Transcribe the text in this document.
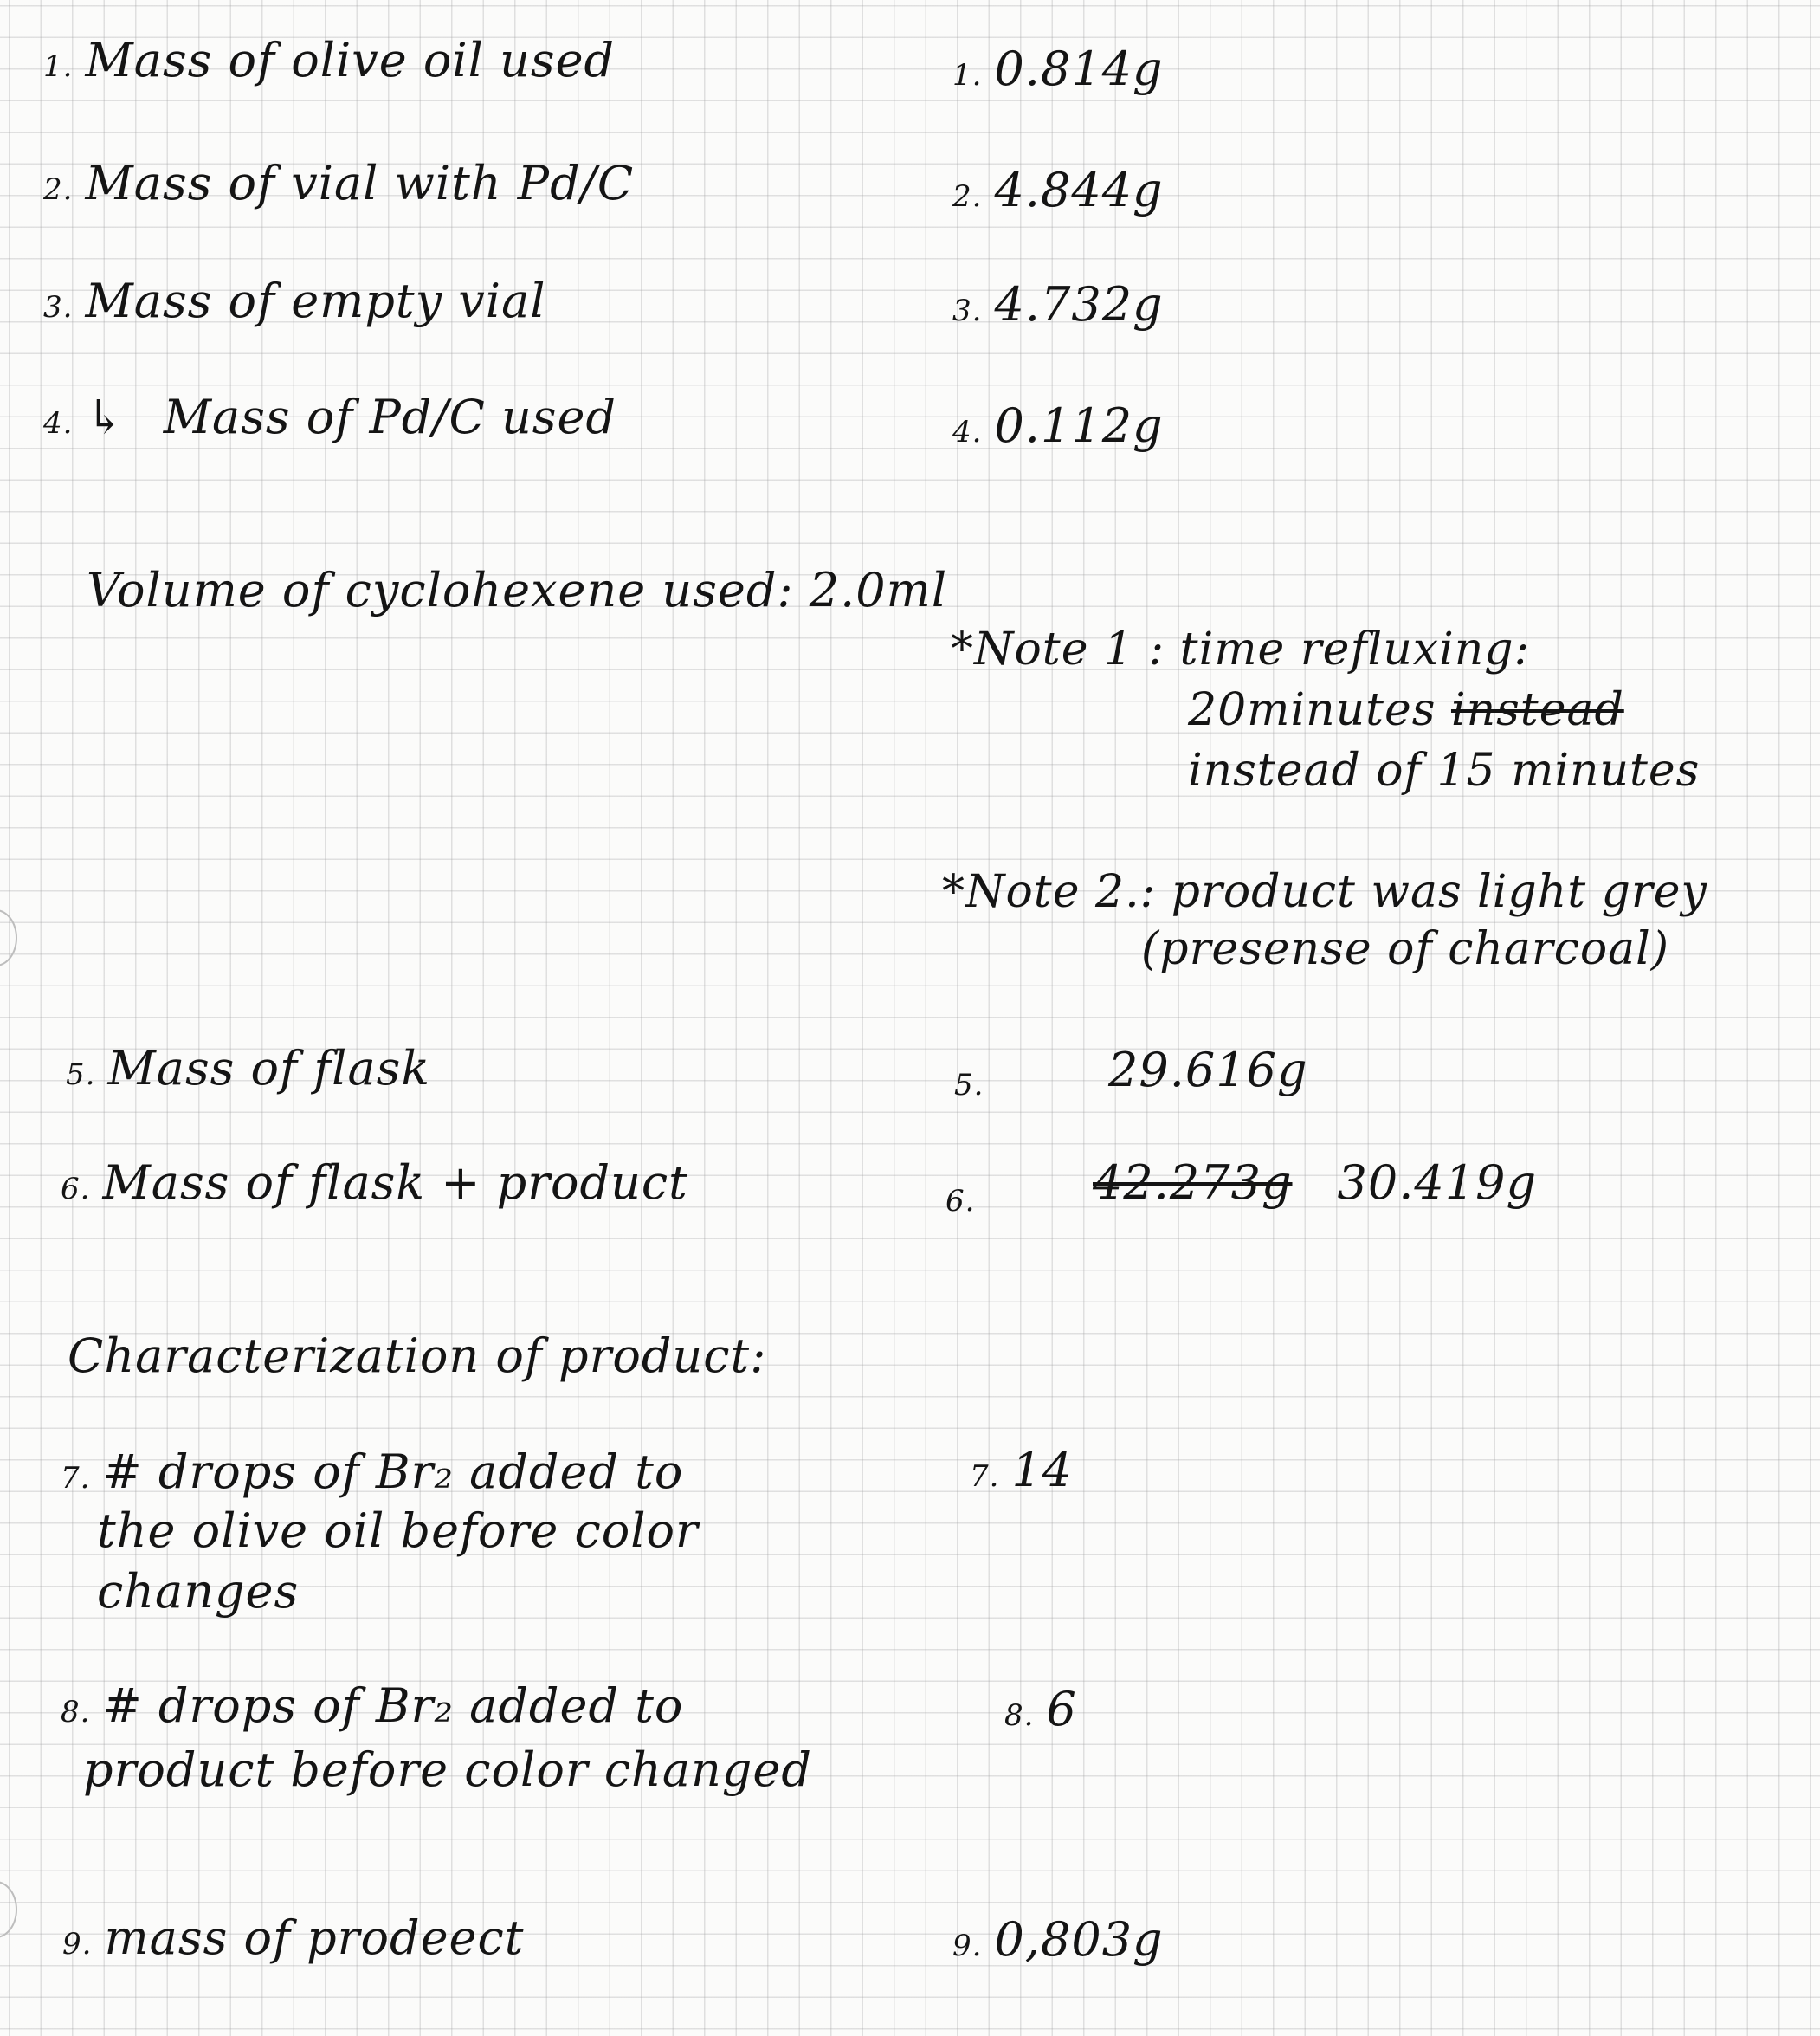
1. Mass of olive oil used	1. 0.814g
2. Mass of vial with Pd/C	2. 4.844g
3. Mass of empty vial	3. 4.732g
4. ↳ Mass of Pd/C used	4. 0.112g
Volume of cyclohexene used: 2.0ml
*Note 1 : time refluxing:
20minutes instead
instead of 15 minutes
*Note 2.: product was light grey
(presense of charcoal)
5. Mass of flask	5.	29.616g
6. Mass of flask + product	6.	42.273g 30.419g
Characterization of product:
7. # drops of Br₂ added to
the olive oil before color
changes
7. 14
8. # drops of Br₂ added to
product before color changed
8. 6
9. mass of prodeect	9. 0,803g
